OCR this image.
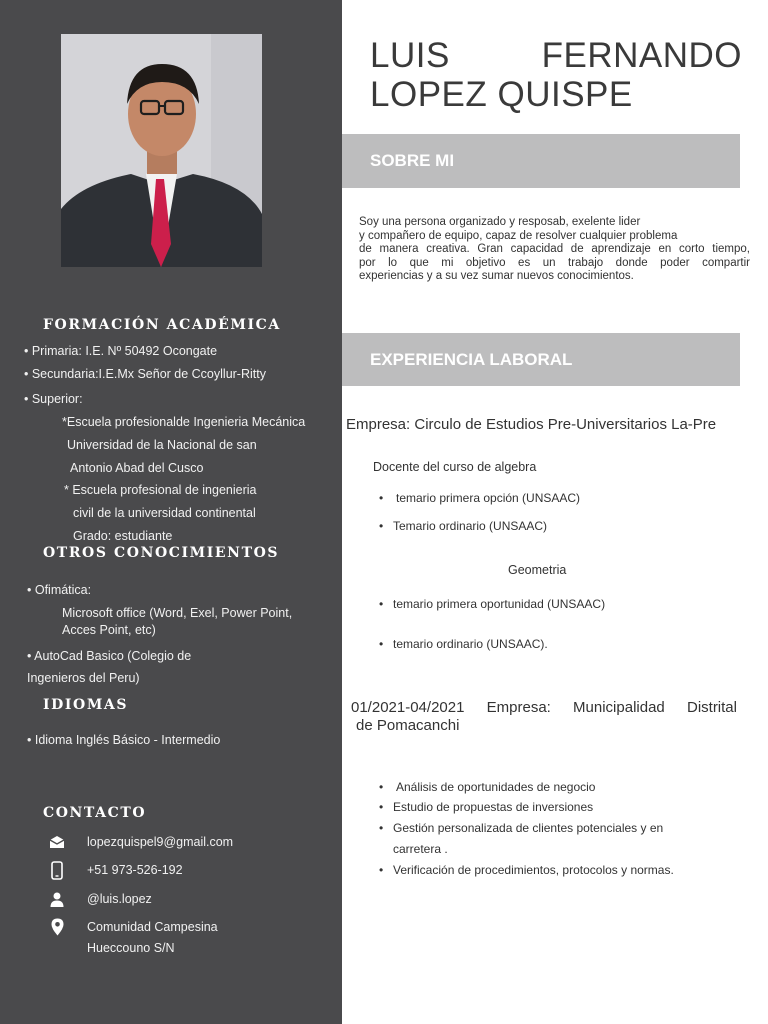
FORMACIÓN ACADÉMICA
• Primaria: I.E. Nº 50492 Ocongate
• Secundaria:I.E.Mx Señor de Ccoyllur-Ritty
• Superior:
*Escuela profesionalde Ingenieria Mecánica
Universidad de la Nacional de san
Antonio Abad del Cusco
* Escuela profesional de ingenieria
civil de la universidad continental
Grado: estudiante
OTROS CONOCIMIENTOS
• Ofimática:
Microsoft office (Word, Exel, Power Point,
Acces Point, etc)
• AutoCad Basico (Colegio de
Ingenieros del Peru)
IDIOMAS
• Idioma Inglés Básico - Intermedio
CONTACTO
lopezquispel9@gmail.com
+51 973-526-192
@luis.lopez
Comunidad Campesina
Hueccouno S/N
LUIS	FERNANDO
LOPEZ QUISPE
SOBRE MI
Soy una persona organizado y resposab, exelente lider
y compañero de equipo, capaz de resolver cualquier problema
de manera creativa. Gran capacidad de aprendizaje en corto tiempo,
por lo que mi objetivo es un trabajo donde poder compartir
experiencias y a su vez sumar nuevos conocimientos.
EXPERIENCIA LABORAL
Empresa: Circulo de Estudios Pre-Universitarios La-Pre
Docente del curso de algebra
• temario primera opción (UNSAAC)
• Temario ordinario (UNSAAC)
Geometria
• temario primera oportunidad (UNSAAC)
• temario ordinario (UNSAAC).
01/2021-04/2021 Empresa: Municipalidad Distrital
de Pomacanchi
• Análisis de oportunidades de negocio
• Estudio de propuestas de inversiones
• Gestión personalizada de clientes potenciales y en
carretera .
• Verificación de procedimientos, protocolos y normas.
